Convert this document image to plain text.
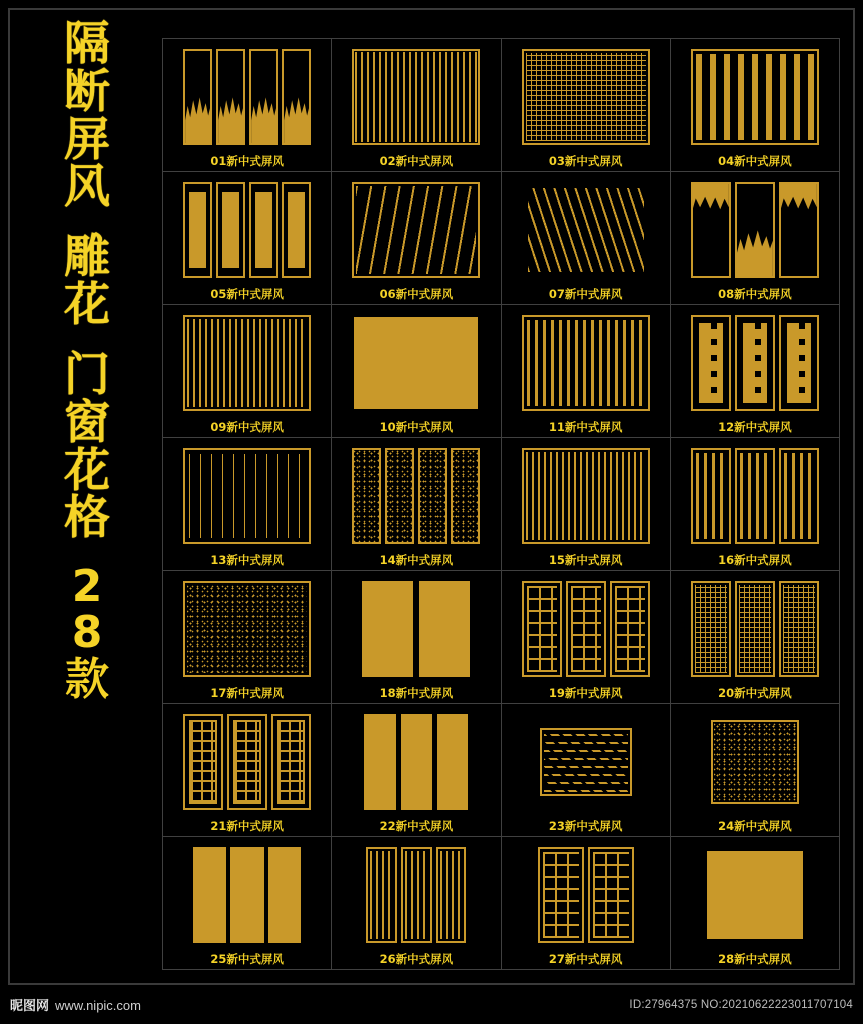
隔
断
屏
风
雕
花
门
窗
花
格
2
8
款
01新中式屏风	02新中式屏风	03新中式屏风	04新中式屏风
05新中式屏风	06新中式屏风	07新中式屏风	08新中式屏风
09新中式屏风	10新中式屏风	11新中式屏风	12新中式屏风
13新中式屏风	14新中式屏风	15新中式屏风	16新中式屏风
17新中式屏风	18新中式屏风	19新中式屏风	20新中式屏风
21新中式屏风	22新中式屏风	23新中式屏风	24新中式屏风
25新中式屏风	26新中式屏风	27新中式屏风	28新中式屏风
昵图网 www.nipic.com	ID:27964375 NO:20210622223011707104
